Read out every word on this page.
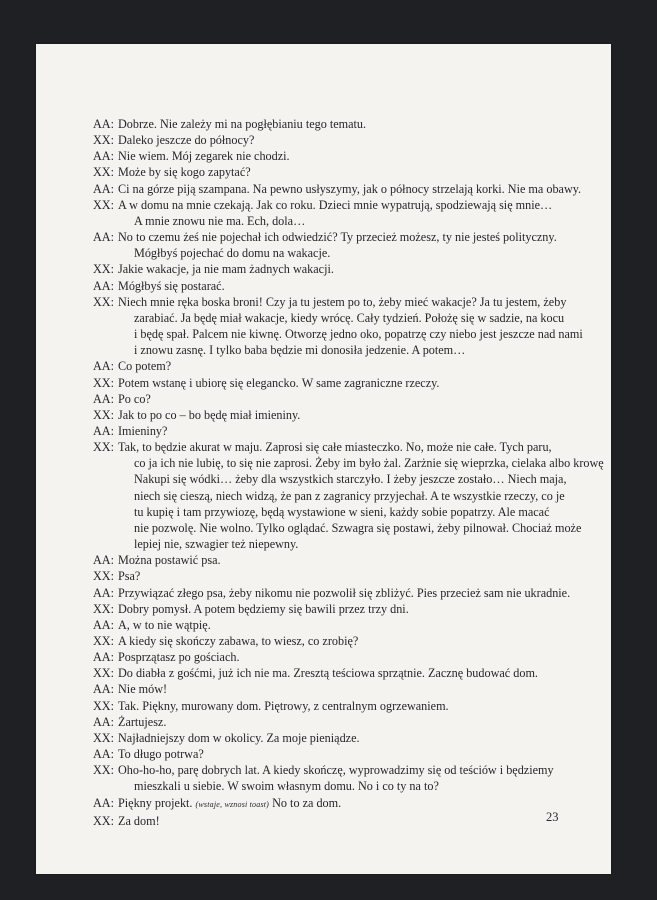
AA: Dobrze. Nie zależy mi na pogłębianiu tego tematu.
XX: Daleko jeszcze do północy?
AA: Nie wiem. Mój zegarek nie chodzi.
XX: Może by się kogo zapytać?
AA: Ci na górze piją szampana. Na pewno usłyszymy, jak o północy strzelają korki. Nie ma obawy.
XX: A w domu na mnie czekają. Jak co roku. Dzieci mnie wypatrują, spodziewają się mnie…
A mnie znowu nie ma. Ech, dola…
AA: No to czemu żeś nie pojechał ich odwiedzić? Ty przecież możesz, ty nie jesteś polityczny.
Mógłbyś pojechać do domu na wakacje.
XX: Jakie wakacje, ja nie mam żadnych wakacji.
AA: Mógłbyś się postarać.
XX: Niech mnie ręka boska broni! Czy ja tu jestem po to, żeby mieć wakacje? Ja tu jestem, żeby
zarabiać. Ja będę miał wakacje, kiedy wrócę. Cały tydzień. Położę się w sadzie, na kocu
i będę spał. Palcem nie kiwnę. Otworzę jedno oko, popatrzę czy niebo jest jeszcze nad nami
i znowu zasnę. I tylko baba będzie mi donosiła jedzenie. A potem…
AA: Co potem?
XX: Potem wstanę i ubiorę się eleganckо. W same zagraniczne rzeczy.
AA: Po co?
XX: Jak to po co – bo będę miał imieniny.
AA: Imieniny?
XX: Tak, to będzie akurat w maju. Zaprosi się całe miasteczko. No, może nie całe. Tych paru,
co ja ich nie lubię, to się nie zaprosi. Żeby im było żal. Zarżnie się wieprzka, cielaka albo krowę
Nakupi się wódki… żeby dla wszystkich starczyło. I żeby jeszcze zostało… Niech maja,
niech się cieszą, niech widzą, że pan z zagranicy przyjechał. A te wszystkie rzeczy, co je
tu kupię i tam przywiozę, będą wystawione w sieni, każdy sobie popatrzy. Ale macać
nie pozwolę. Nie wolno. Tylko oglądać. Szwagra się postawi, żeby pilnował. Chociaż może
lepiej nie, szwagier też niepewny.
AA: Można postawić psa.
XX: Psa?
AA: Przywiązać złego psa, żeby nikomu nie pozwolił się zbliżyć. Pies przecież sam nie ukradnie.
XX: Dobry pomysł. A potem będziemy się bawili przez trzy dni.
AA: A, w to nie wątpię.
XX: A kiedy się skończy zabawa, to wiesz, co zrobię?
AA: Posprzątasz po gościach.
XX: Do diabła z gośćmi, już ich nie ma. Zresztą teściowa sprzątnie. Zacznę budować dom.
AA: Nie mów!
XX: Tak. Piękny, murowany dom. Piętrowy, z centralnym ogrzewaniem.
AA: Żartujesz.
XX: Najładniejszy dom w okolicy. Za moje pieniądze.
AA: To długo potrwa?
XX: Oho-ho-ho, parę dobrych lat. A kiedy skończę, wyprowadzimy się od teściów i będziemy
mieszkali u siebie. W swoim własnym domu. No i co ty na to?
AA: Piękny projekt. (wstaje, wznosi toast) No to za dom.
XX: Za dom!	23
